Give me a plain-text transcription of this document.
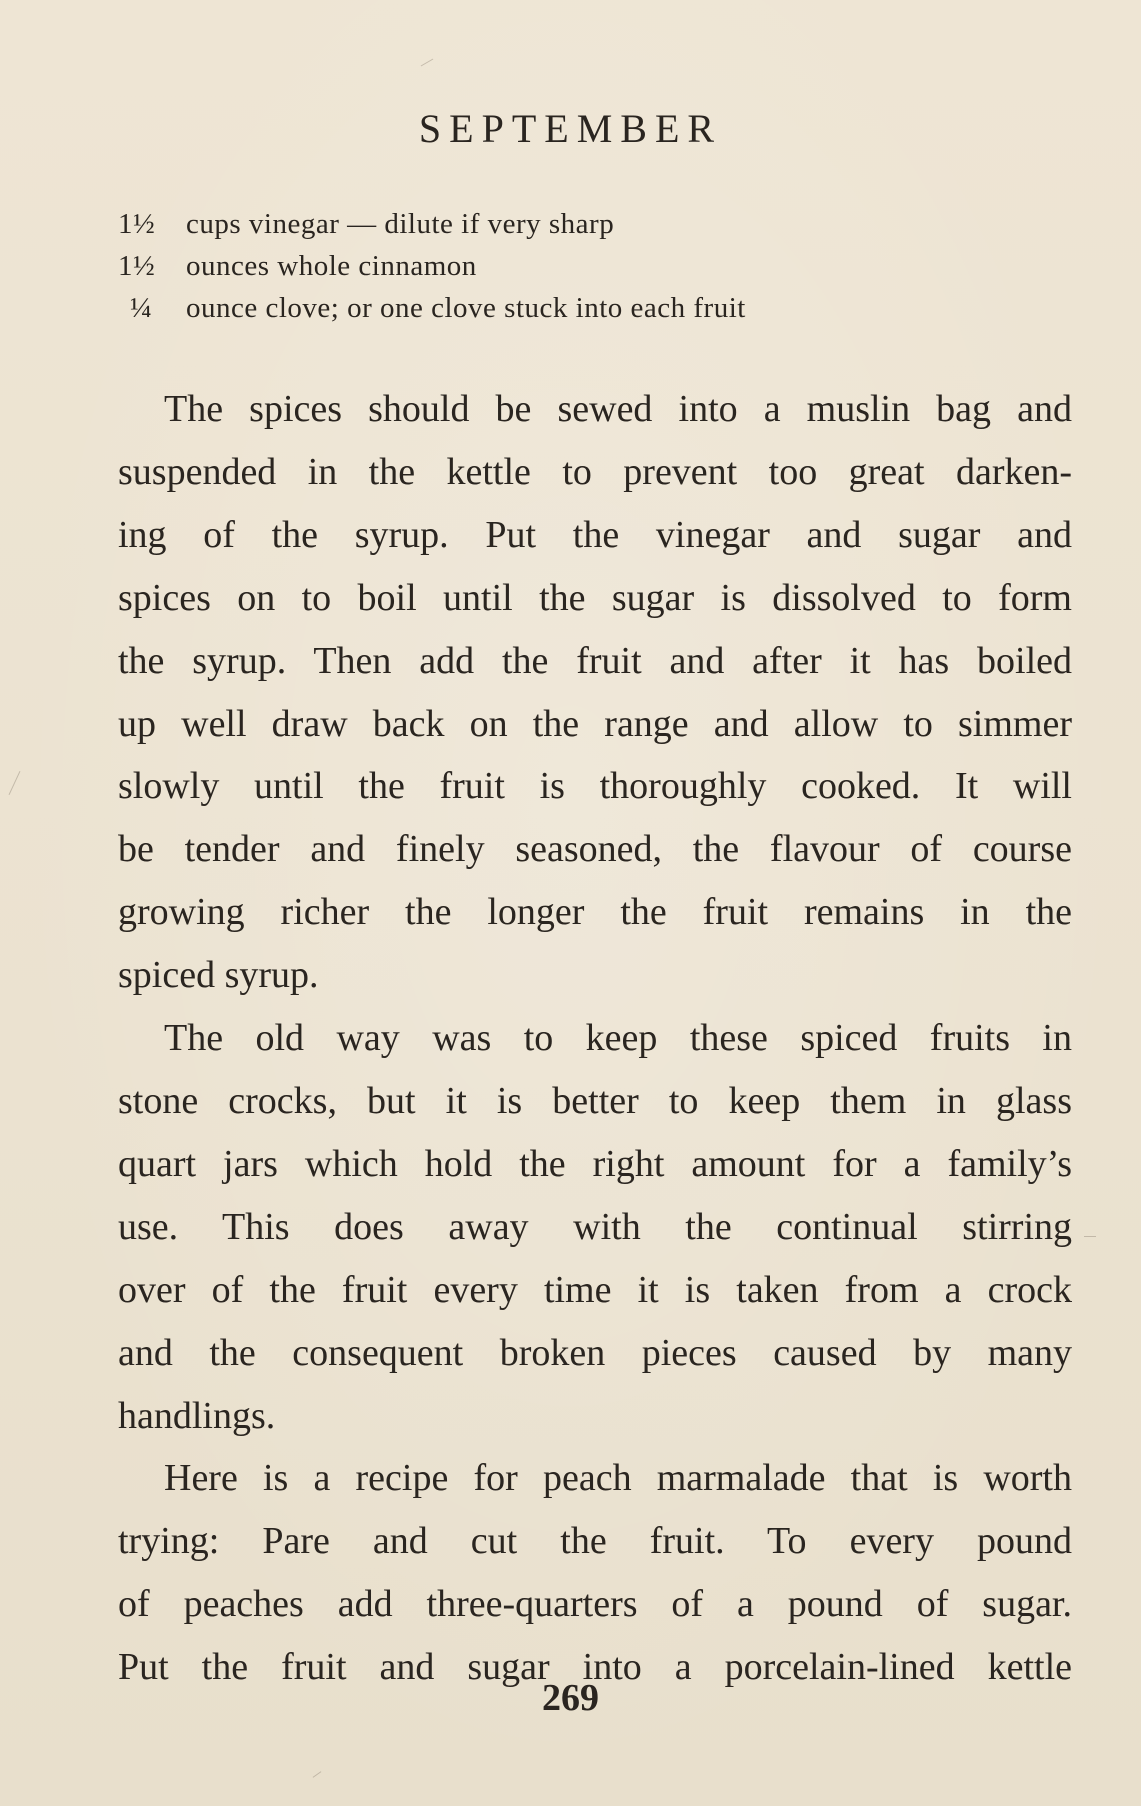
SEPTEMBER
1½ cups vinegar — dilute if very sharp
1½ ounces whole cinnamon
¼ ounce clove; or one clove stuck into each fruit
The spices should be sewed into a muslin bag and
suspended in the kettle to prevent too great darken-
ing of the syrup. Put the vinegar and sugar and
spices on to boil until the sugar is dissolved to form
the syrup. Then add the fruit and after it has boiled
up well draw back on the range and allow to simmer
slowly until the fruit is thoroughly cooked. It will
be tender and finely seasoned, the flavour of course
growing richer the longer the fruit remains in the
spiced syrup.
The old way was to keep these spiced fruits in
stone crocks, but it is better to keep them in glass
quart jars which hold the right amount for a family’s
use. This does away with the continual stirring
over of the fruit every time it is taken from a crock
and the consequent broken pieces caused by many
handlings.
Here is a recipe for peach marmalade that is worth
trying: Pare and cut the fruit. To every pound
of peaches add three-quarters of a pound of sugar.
Put the fruit and sugar into a porcelain-lined kettle
269
